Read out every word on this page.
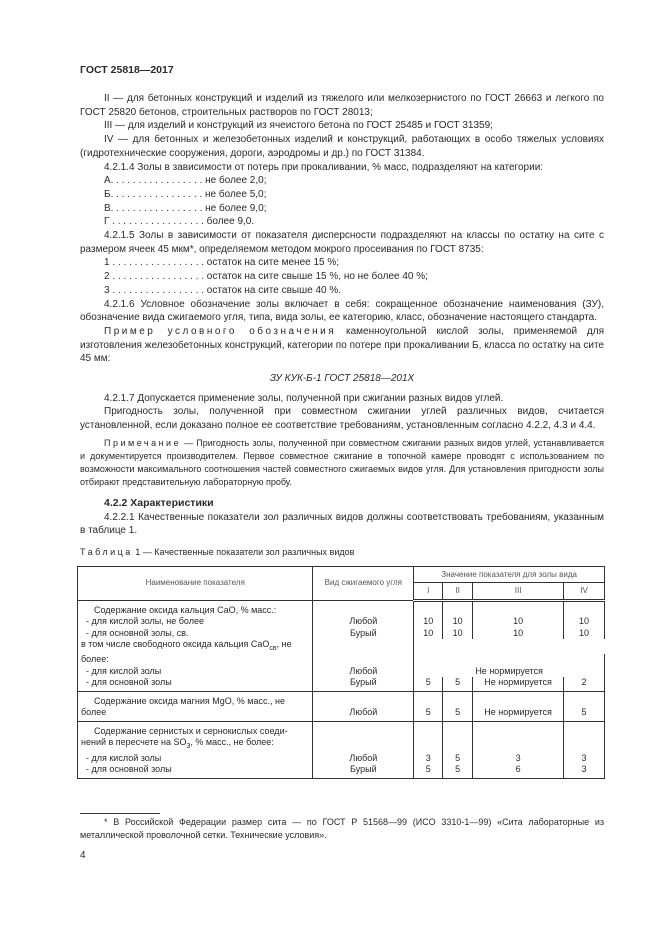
ГОСТ 25818—2017

II — для бетонных конструкций и изделий из тяжелого или мелкозернистого по ГОСТ 26663 и легкого по ГОСТ 25820 бетонов, строительных растворов по ГОСТ 28013;

III — для изделий и конструкций из ячеистого бетона по ГОСТ 25485 и ГОСТ 31359;

IV — для бетонных и железобетонных изделий и конструкций, работающих в особо тяжелых условиях (гидротехнические сооружения, дороги, аэродромы и др.) по ГОСТ 31384.

4.2.1.4 Золы в зависимости от потерь при прокаливании, % масс, подразделяют на категории:

А. . . . . . . . . . . . . . . . . не более 2,0;

Б. . . . . . . . . . . . . . . . . не более 5,0;

В. . . . . . . . . . . . . . . . . не более 9,0;

Г . . . . . . . . . . . . . . . . . более 9,0.

4.2.1.5 Золы в зависимости от показателя дисперсности подразделяют на классы по остатку на сите с размером ячеек 45 мкм*, определяемом методом мокрого просеивания по ГОСТ 8735:

1 . . . . . . . . . . . . . . . . . остаток на сите менее 15 %;

2 . . . . . . . . . . . . . . . . . остаток на сите свыше 15 %, но не более 40 %;

3 . . . . . . . . . . . . . . . . . остаток на сите свыше 40 %.

4.2.1.6 Условное обозначение золы включает в себя: сокращенное обозначение наименования (ЗУ), обозначение вида сжигаемого угля, типа, вида золы, ее категорию, класс, обозначение настоящего стандарта.

Пример условного обозначения каменноугольной кислой золы, применяемой для изготовления железобетонных конструкций, категории по потере при прокаливании Б, класса по остатку на сите 45 мм:

ЗУ КУК-Б-1 ГОСТ 25818—201Х

4.2.1.7 Допускается применение золы, полученной при сжигании разных видов углей.

Пригодность золы, полученной при совместном сжигании углей различных видов, считается установленной, если доказано полное ее соответствие требованиям, установленным согласно 4.2.2, 4.3 и 4.4.

Примечание — Пригодность золы, полученной при совместном сжигании разных видов углей, устанавливается и документируется производителем. Первое совместное сжигание в топочной камере проводят с использованием по возможности максимального соотношения частей совместного сжигаемых видов угля. Для установления пригодности золы отбирают представительную лабораторную пробу.

4.2.2 Характеристики

4.2.2.1 Качественные показатели зол различных видов должны соответствовать требованиям, указанным в таблице 1.

Таблица 1 — Качественные показатели зол различных видов

Наименование показателя	Вид сжигаемого угля	Значение показателя для золы вида			
		I	II	III	IV
Содержание оксида кальция CaO, % масс.:					
- для кислой золы, не более	Любой	10	10	10	10
- для основной золы, св.	Бурый	10	10	10	10
в том числе свободного оксида кальция CaO$_{св}$, не					
более:					
- для кислой золы	Любой	Не нормируется			
- для основной золы	Бурый	5	5	Не нормируется	2
Содержание оксида магния MgO, % масс., не					
более	Любой	5	5	Не нормируется	5
Содержание сернистых и сернокислых соеди-					
нений в пересчете на $SO_3$, % масс., не более:					
- для кислой золы	Любой	3	5	3	3
- для основной золы	Бурый	5	5	6	3

* В Российской Федерации размер сита — по ГОСТ Р 51568—99 (ИСО 3310-1—99) «Сита лабораторные из металлической проволочной сетки. Технические условия».

4
